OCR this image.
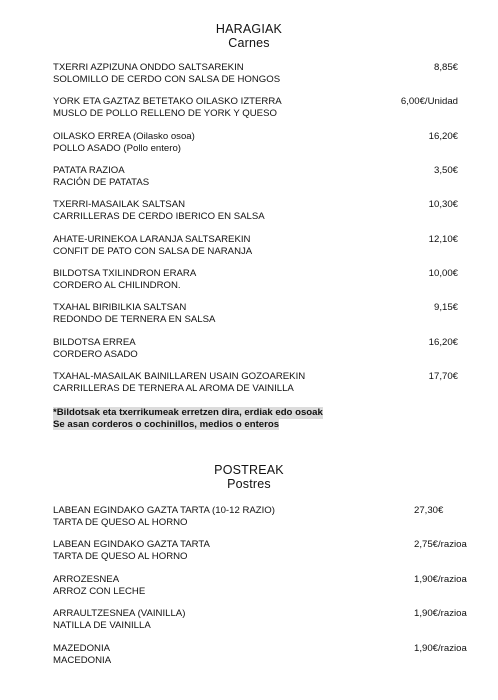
HARAGIAK
Carnes
TXERRI AZPIZUNA ONDDO SALTSAREKIN
SOLOMILLO DE CERDO CON SALSA DE HONGOS
8,85€
YORK ETA GAZTAZ BETETAKO OILASKO IZTERRA
MUSLO DE POLLO RELLENO DE YORK Y QUESO
6,00€/Unidad
OILASKO ERREA (Oilasko osoa)
POLLO ASADO (Pollo entero)
16,20€
PATATA RAZIOA
RACIÓN DE PATATAS
3,50€
TXERRI-MASAILAK SALTSAN
CARRILLERAS DE CERDO IBERICO EN SALSA
10,30€
AHATE-URINEKOA LARANJA SALTSAREKIN
CONFIT DE PATO CON SALSA DE NARANJA
12,10€
BILDOTSA TXILINDRON ERARA
CORDERO AL CHILINDRON.
10,00€
TXAHAL BIRIBILKIA SALTSAN
REDONDO DE TERNERA EN SALSA
9,15€
BILDOTSA ERREA
CORDERO ASADO
16,20€
TXAHAL-MASAILAK BAINILLAREN USAIN GOZOAREKIN
CARRILLERAS DE TERNERA AL AROMA DE VAINILLA
17,70€
*Bildotsak eta txerrikumeak erretzen dira, erdiak edo osoak
Se asan corderos o cochinillos, medios o enteros
POSTREAK
Postres
LABEAN EGINDAKO GAZTA TARTA (10-12 RAZIO)
TARTA DE QUESO AL HORNO
27,30€
LABEAN EGINDAKO GAZTA TARTA
TARTA DE QUESO AL HORNO
2,75€/razioa
ARROZESNEA
ARROZ CON LECHE
1,90€/razioa
ARRAULTZESNEA (VAINILLA)
NATILLA DE VAINILLA
1,90€/razioa
MAZEDONIA
MACEDONIA
1,90€/razioa
